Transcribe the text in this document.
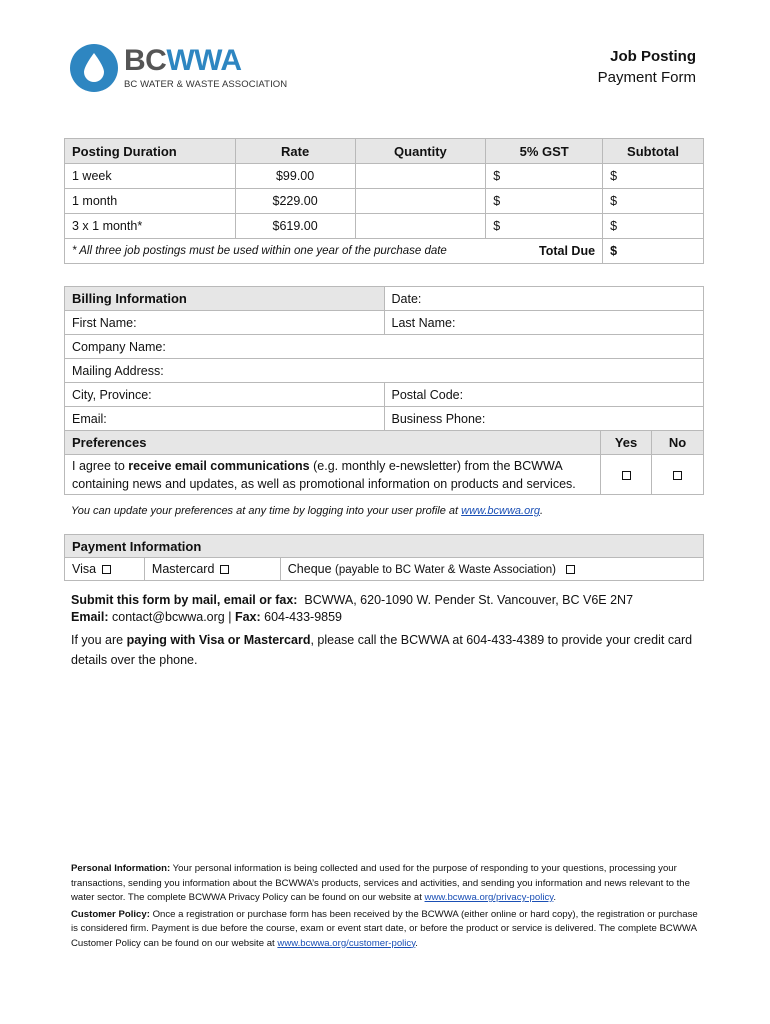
BCWWA
BC WATER & WASTE ASSOCIATION
Job Posting
Payment Form
Posting Duration	Rate	Quantity	5% GST	Subtotal
1 week	$99.00		$	$
1 month	$229.00		$	$
3 x 1 month*	$619.00		$	$
* All three job postings must be used within one year of the purchase date			Total Due	$
Billing Information	Date:		
First Name:	Last Name:		
Company Name:			
Mailing Address:			
City, Province:	Postal Code:		
Email:	Business Phone:		
Preferences		Yes	No
I agree to receive email communications (e.g. monthly e-newsletter) from the BCWWA containing news and updates, as well as promotional information on products and services.			
You can update your preferences at any time by logging into your user profile at www.bcwwa.org.
Payment Information
Visa	Mastercard	Cheque (payable to BC Water & Waste Association)
Submit this form by mail, email or fax: BCWWA, 620-1090 W. Pender St. Vancouver, BC V6E 2N7
Email: contact@bcwwa.org | Fax: 604-433-9859
If you are paying with Visa or Mastercard, please call the BCWWA at 604-433-4389 to provide your credit card details over the phone.

Personal Information: Your personal information is being collected and used for the purpose of responding to your questions, processing your transactions, sending you information about the BCWWA’s products, services and activities, and sending you information and news relevant to the water sector. The complete BCWWA Privacy Policy can be found on our website at www.bcwwa.org/privacy-policy.

Customer Policy: Once a registration or purchase form has been received by the BCWWA (either online or hard copy), the registration or purchase is considered firm. Payment is due before the course, exam or event start date, or before the product or service is delivered. The complete BCWWA Customer Policy can be found on our website at www.bcwwa.org/customer-policy.
